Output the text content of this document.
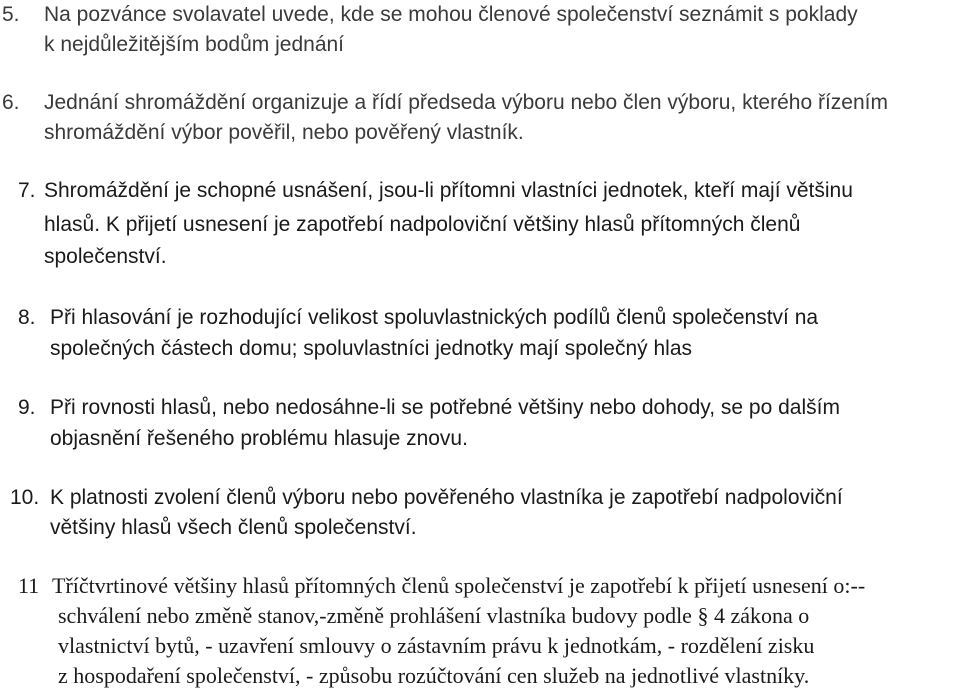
5. Na pozvánce svolavatel uvede, kde se mohou členové společenství seznámit s poklady
k nejdůležitějším bodům jednání
6. Jednání shromáždění organizuje a řídí předseda výboru nebo člen výboru, kterého řízením
shromáždění výbor pověřil, nebo pověřený vlastník.
7. Shromáždění je schopné usnášení, jsou-li přítomni vlastníci jednotek, kteří mají většinu
hlasů. K přijetí usnesení je zapotřebí nadpoloviční většiny hlasů přítomných členů
společenství.
8. Při hlasování je rozhodující velikost spoluvlastnických podílů členů společenství na
společných částech domu; spoluvlastníci jednotky mají společný hlas
9. Při rovnosti hlasů, nebo nedosáhne-li se potřebné většiny nebo dohody, se po dalším
objasnění řešeného problému hlasuje znovu.
10. K platnosti zvolení členů výboru nebo pověřeného vlastníka je zapotřebí nadpoloviční
většiny hlasů všech členů společenství.
11 Tříčtvrtinové většiny hlasů přítomných členů společenství je zapotřebí k přijetí usnesení o:--
schválení nebo změně stanov,-změně prohlášení vlastníka budovy podle § 4 zákona o
vlastnictví bytů, - uzavření smlouvy o zástavním právu k jednotkám, - rozdělení zisku
z hospodaření společenství, - způsobu rozúčtování cen služeb na jednotlivé vlastníky.
